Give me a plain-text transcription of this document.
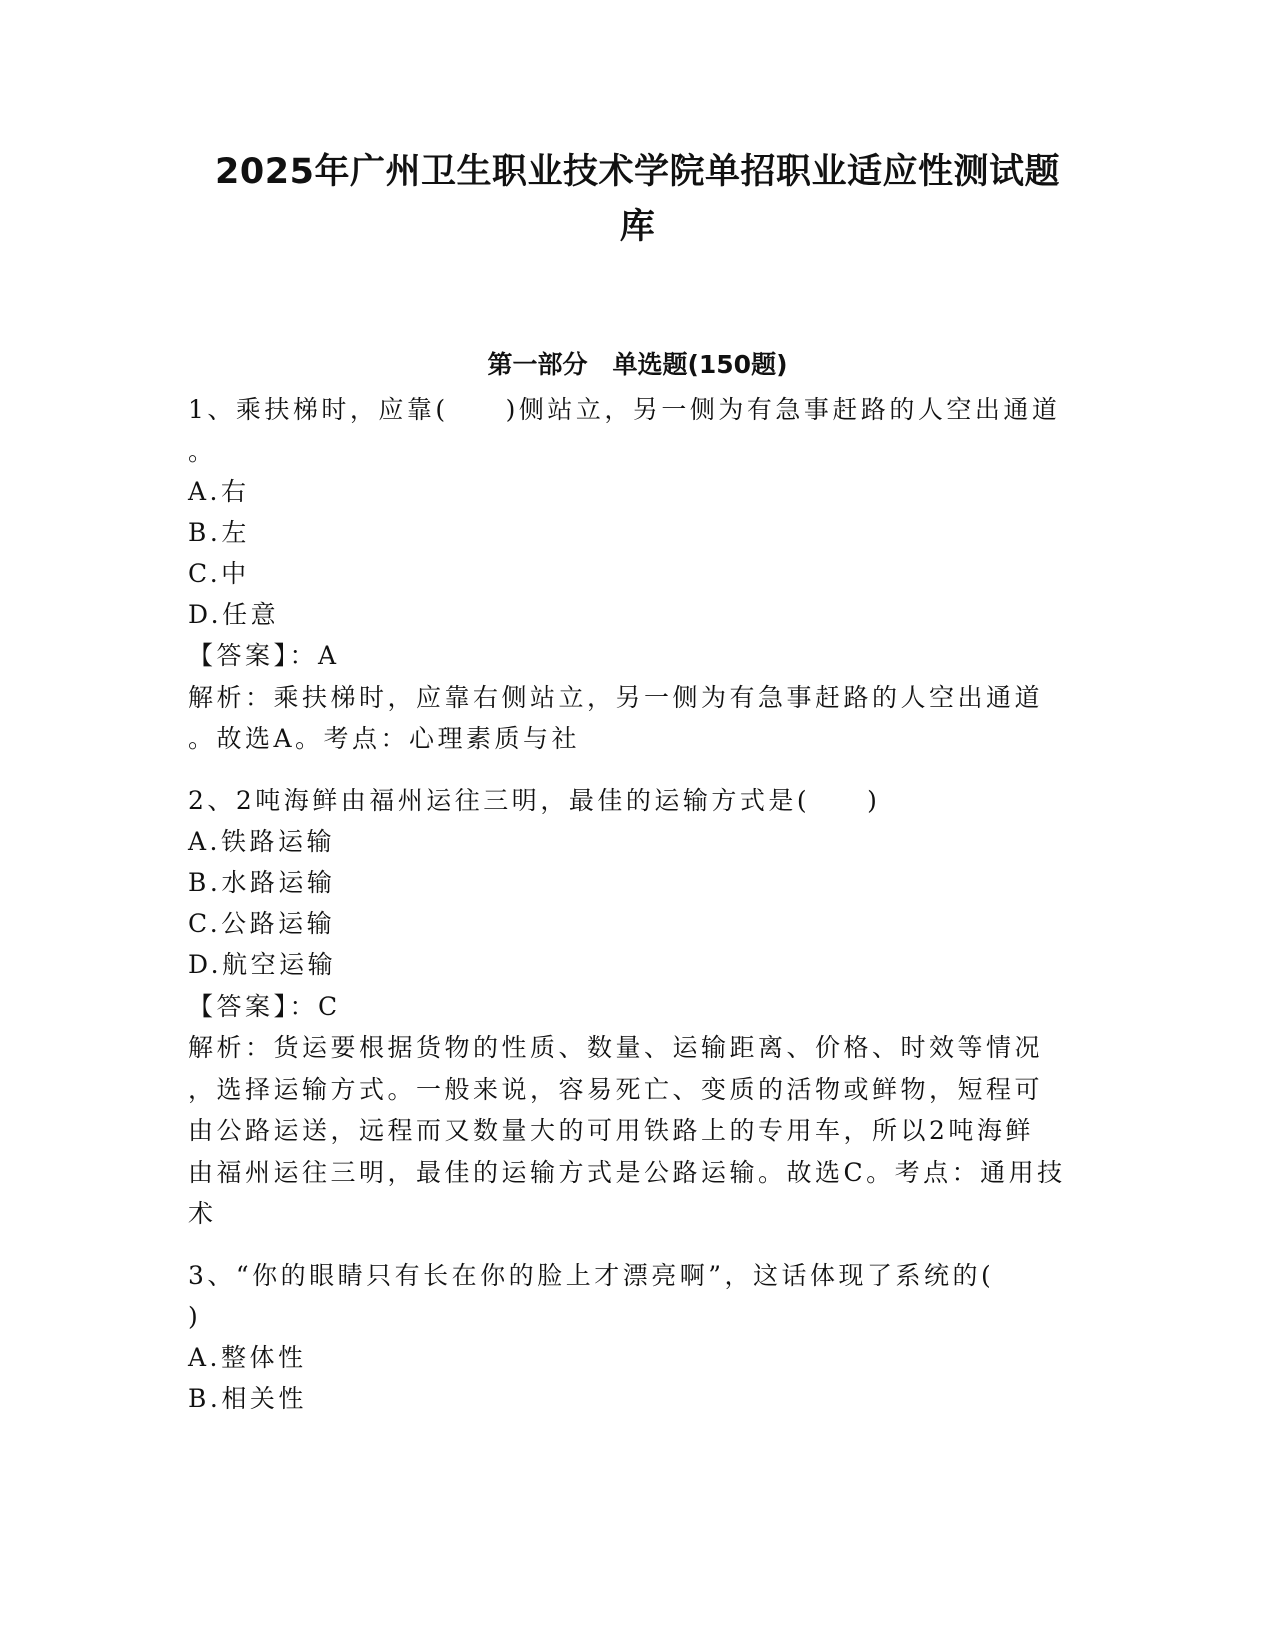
2025年广州卫生职业技术学院单招职业适应性测试题
库
第一部分　单选题(150题)
1、乘扶梯时，应靠(　　)侧站立，另一侧为有急事赶路的人空出通道
。
A.右
B.左
C.中
D.任意
【答案】：A
解析：乘扶梯时，应靠右侧站立，另一侧为有急事赶路的人空出通道
。故选A。考点：心理素质与社
2、2吨海鲜由福州运往三明，最佳的运输方式是(　　)
A.铁路运输
B.水路运输
C.公路运输
D.航空运输
【答案】：C
解析：货运要根据货物的性质、数量、运输距离、价格、时效等情况
，选择运输方式。一般来说，容易死亡、变质的活物或鲜物，短程可
由公路运送，远程而又数量大的可用铁路上的专用车，所以2吨海鲜
由福州运往三明，最佳的运输方式是公路运输。故选C。考点：通用技
术
3、“你的眼睛只有长在你的脸上才漂亮啊”，这话体现了系统的(
)
A.整体性
B.相关性
